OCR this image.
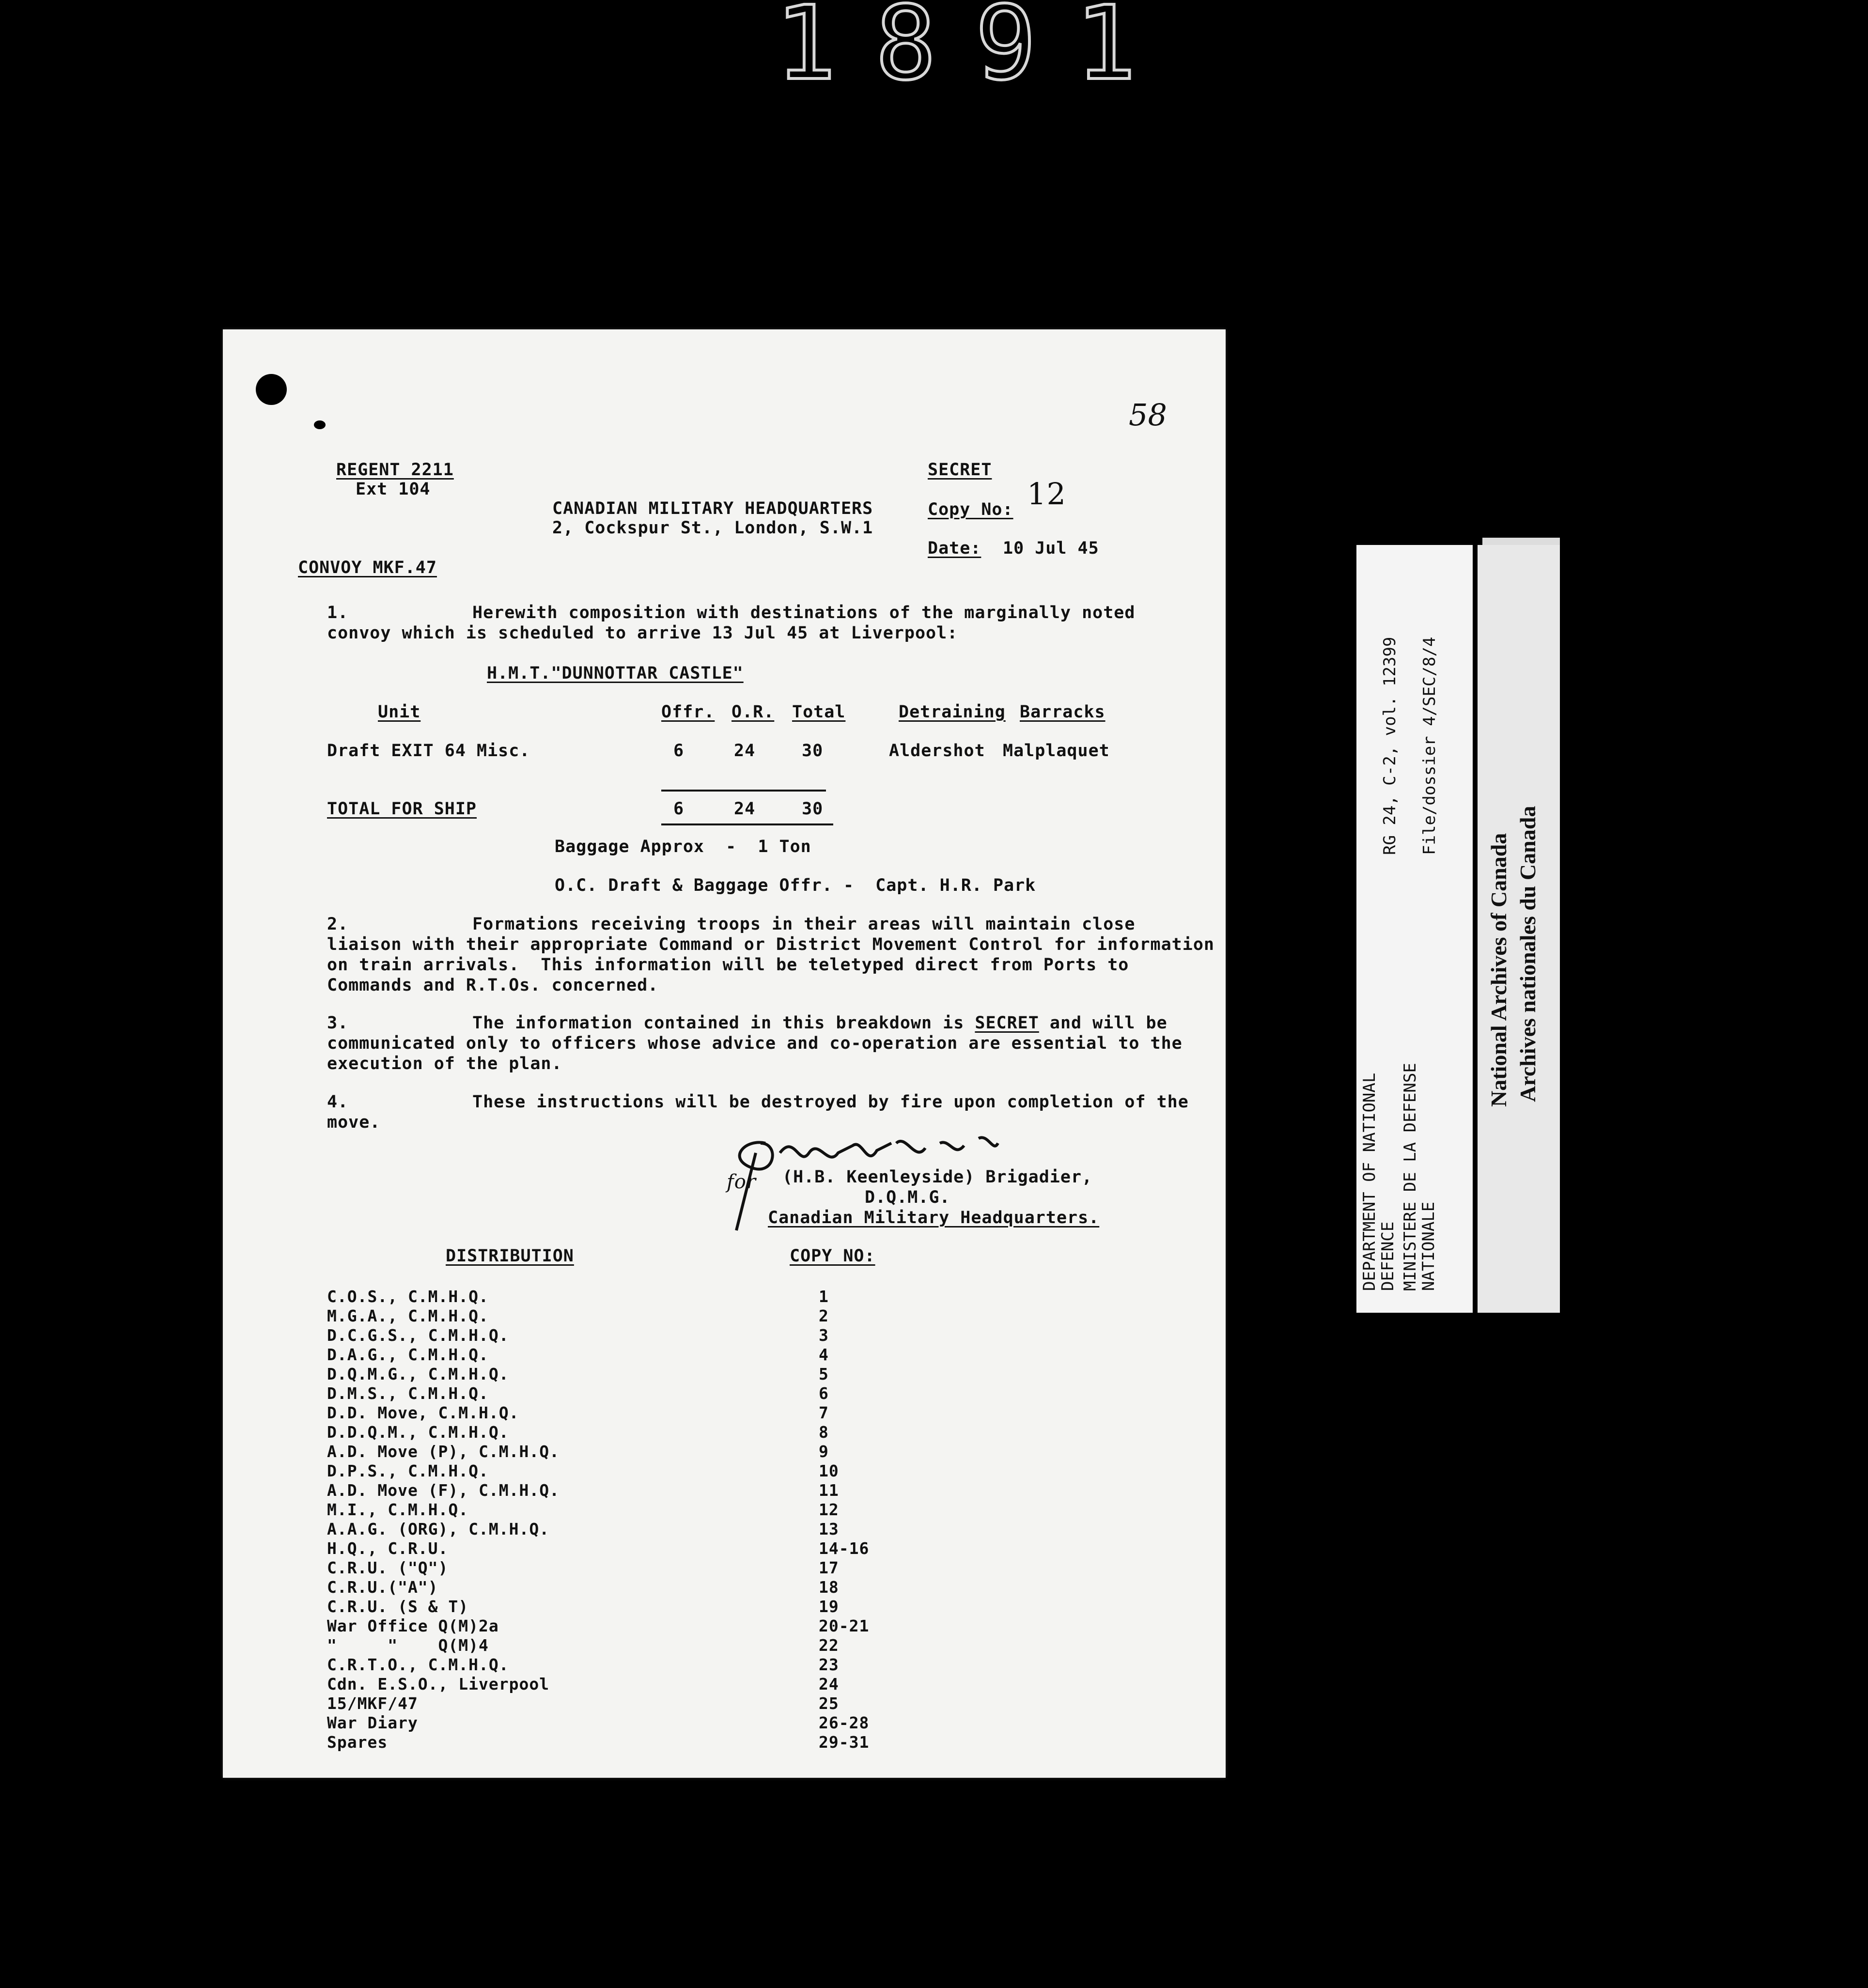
1891
58
REGENT 2211
Ext 104
CANADIAN MILITARY HEADQUARTERS
2, Cockspur St., London, S.W.1
SECRET
Copy No: 12
Date: 10 Jul 45
CONVOY MKF.47
1.	Herewith composition with destinations of the marginally noted
convoy which is scheduled to arrive 13 Jul 45 at Liverpool:
H.M.T."DUNNOTTAR CASTLE"
Unit	Offr. O.R. Total	Detraining Barracks
Draft EXIT 64 Misc.	6	24	30	Aldershot Malplaquet
TOTAL FOR SHIP	6	24	30
Baggage Approx  -  1 Ton
O.C. Draft & Baggage Offr. -  Capt. H.R. Park
2.	Formations receiving troops in their areas will maintain close
liaison with their appropriate Command or District Movement Control for information
on train arrivals.  This information will be teletyped direct from Ports to
Commands and R.T.Os. concerned.
3.	The information contained in this breakdown is SECRET and will be
communicated only to officers whose advice and co-operation are essential to the
execution of the plan.
4.	These instructions will be destroyed by fire upon completion of the
move.
for (H.B. Keenleyside) Brigadier,
D.Q.M.G.
Canadian Military Headquarters.
DISTRIBUTION	COPY NO:
C.O.S., C.M.H.Q.	1
M.G.A., C.M.H.Q.	2
D.C.G.S., C.M.H.Q.	3
D.A.G., C.M.H.Q.	4
D.Q.M.G., C.M.H.Q.	5
D.M.S., C.M.H.Q.	6
D.D. Move, C.M.H.Q.	7
D.D.Q.M., C.M.H.Q.	8
A.D. Move (P), C.M.H.Q.	9
D.P.S., C.M.H.Q.	10
A.D. Move (F), C.M.H.Q.	11
M.I., C.M.H.Q.	12
A.A.G. (ORG), C.M.H.Q.	13
H.Q., C.R.U.	14-16
C.R.U. ("Q")	17
C.R.U.("A")	18
C.R.U. (S & T)	19
War Office Q(M)2a	20-21
"     "    Q(M)4	22
C.R.T.O., C.M.H.Q.	23
Cdn. E.S.O., Liverpool	24
15/MKF/47	25
War Diary	26-28
Spares	29-31
DEPARTMENT OF NATIONAL
DEFENCE MINISTERE DE LA DEFENSE
NATIONALE
RG 24, C-2, vol. 12399 File/dossier 4/SEC/8/4
National Archives of Canada Archives nationales du Canada
